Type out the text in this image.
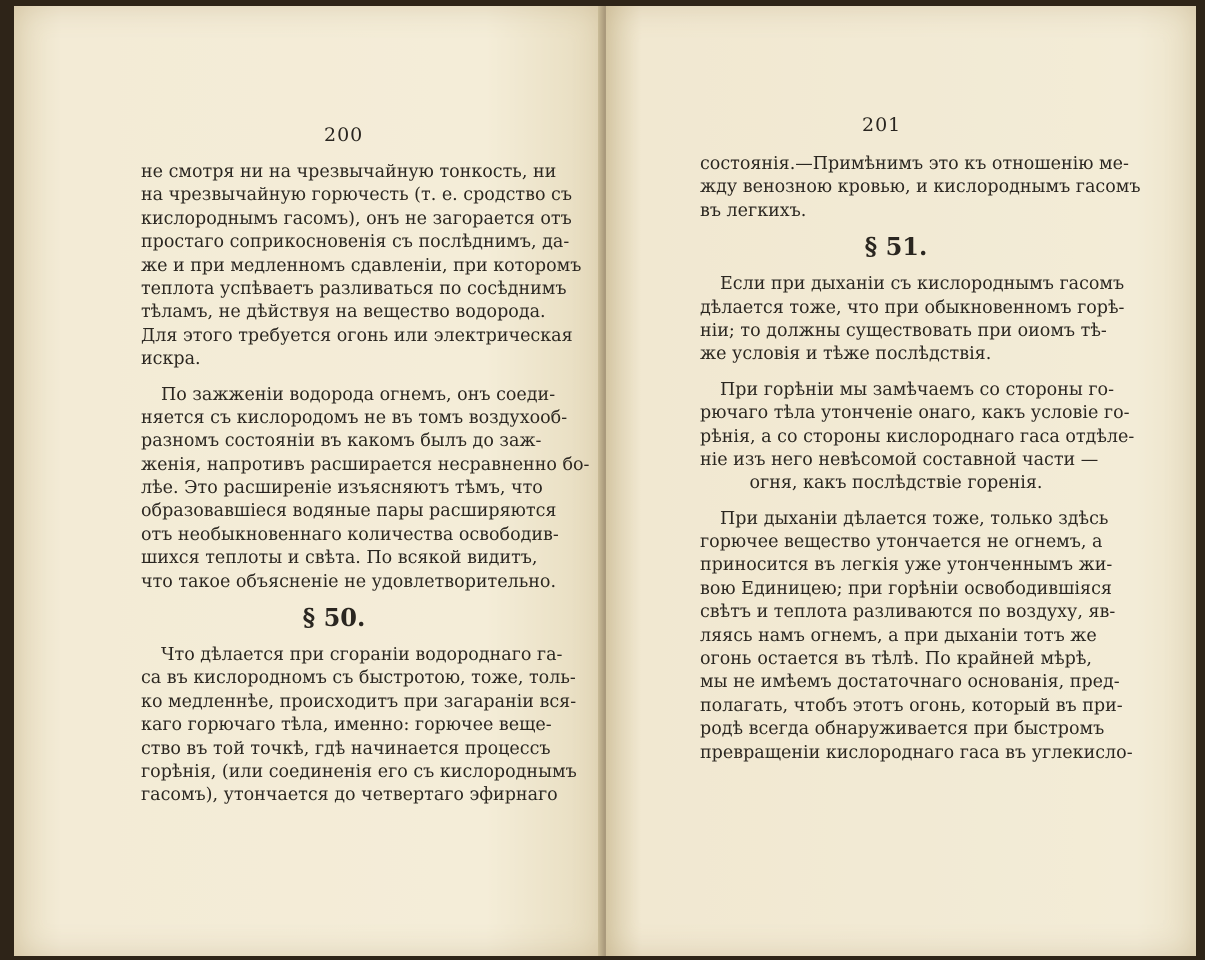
200
не смотря ни на чрезвычайную тонкость, ни
на чрезвычайную горючесть (т. е. сродство съ
кислороднымъ гасомъ), онъ не загорается отъ
простаго соприкосновенія съ послѣднимъ, да-
же и при медленномъ сдавленіи, при которомъ
теплота успѣваетъ разливаться по сосѣднимъ
тѣламъ, не дѣйствуя на вещество водорода.
Для этого требуется огонь или электрическая
искра.
По зажженіи водорода огнемъ, онъ соеди-
няется съ кислородомъ не въ томъ воздухооб-
разномъ состояніи въ какомъ былъ до заж-
женія, напротивъ расширается несравненно бо-
лѣе. Это расширеніе изъясняютъ тѣмъ, что
образовавшіеся водяные пары расширяются
отъ необыкновеннаго количества освободив-
шихся теплоты и свѣта. По всякой видитъ,
что такое объясненіе не удовлетворительно.
§ 50.
Что дѣлается при сгораніи водороднаго га-
са въ кислородномъ съ быстротою, тоже, толь-
ко медленнѣе, происходитъ при загараніи вся-
каго горючаго тѣла, именно: горючее веще-
ство въ той точкѣ, гдѣ начинается процессъ
горѣнія, (или соединенія его съ кислороднымъ
гасомъ), утончается до четвертаго эфирнаго
201
состоянія.—Примѣнимъ это къ отношенію ме-
жду венозною кровью, и кислороднымъ гасомъ
въ легкихъ.
§ 51.
Если при дыханіи съ кислороднымъ гасомъ
дѣлается тоже, что при обыкновенномъ горѣ-
ніи; то должны существовать при оиомъ тѣ-
же условія и тѣже послѣдствія.
При горѣніи мы замѣчаемъ со стороны го-
рючаго тѣла утонченіе онаго, какъ условіе го-
рѣнія, а со стороны кислороднаго гаса отдѣле-
ніе изъ него невѣсомой составной части —
огня, какъ послѣдствіе горенія.
При дыханіи дѣлается тоже, только здѣсь
горючее вещество утончается не огнемъ, а
приносится въ легкія уже утонченнымъ жи-
вою Единицею; при горѣніи освободившіяся
свѣтъ и теплота разливаются по воздуху, яв-
ляясь намъ огнемъ, а при дыханіи тотъ же
огонь остается въ тѣлѣ. По крайней мѣрѣ,
мы не имѣемъ достаточнаго основанія, пред-
полагать, чтобъ этотъ огонь, который въ при-
родѣ всегда обнаруживается при быстромъ
превращеніи кислороднаго гаса въ углекисло-
